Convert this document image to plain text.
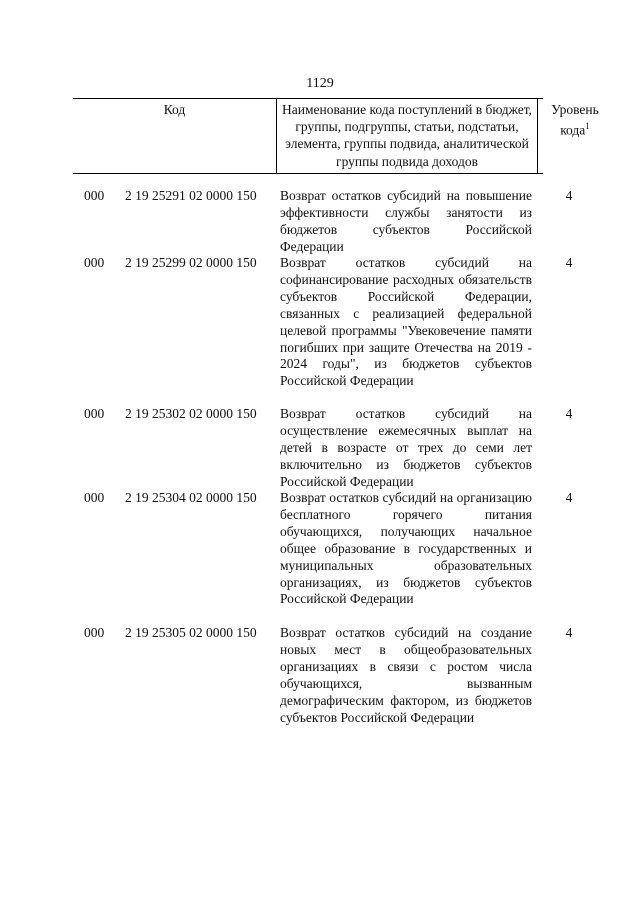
1129
Код	Наименование кода поступлений в бюджет, группы, подгруппы, статьи, подстатьи, элемента, группы подвида, аналитической группы подвида доходов
Уровень кода$^1$
000 2 19 25291 02 0000 150 Возврат остатков субсидий на повышение эффективности службы занятости из бюджетов субъектов Российской Федерации
4
000 2 19 25299 02 0000 150 Возврат остатков субсидий на софинансирование расходных обязательств субъектов Российской Федерации, связанных с реализацией федеральной целевой программы "Увековечение памяти погибших при защите Отечества на 2019 - 2024 годы", из бюджетов субъектов Российской Федерации
4
000 2 19 25302 02 0000 150 Возврат остатков субсидий на осуществление ежемесячных выплат на детей в возрасте от трех до семи лет включительно из бюджетов субъектов Российской Федерации
4
000 2 19 25304 02 0000 150 Возврат остатков субсидий на организацию бесплатного горячего питания обучающихся, получающих начальное общее образование в государственных и муниципальных образовательных организациях, из бюджетов субъектов Российской Федерации
4
000 2 19 25305 02 0000 150 Возврат остатков субсидий на создание новых мест в общеобразовательных организациях в связи с ростом числа обучающихся, вызванным демографическим фактором, из бюджетов субъектов Российской Федерации
4
